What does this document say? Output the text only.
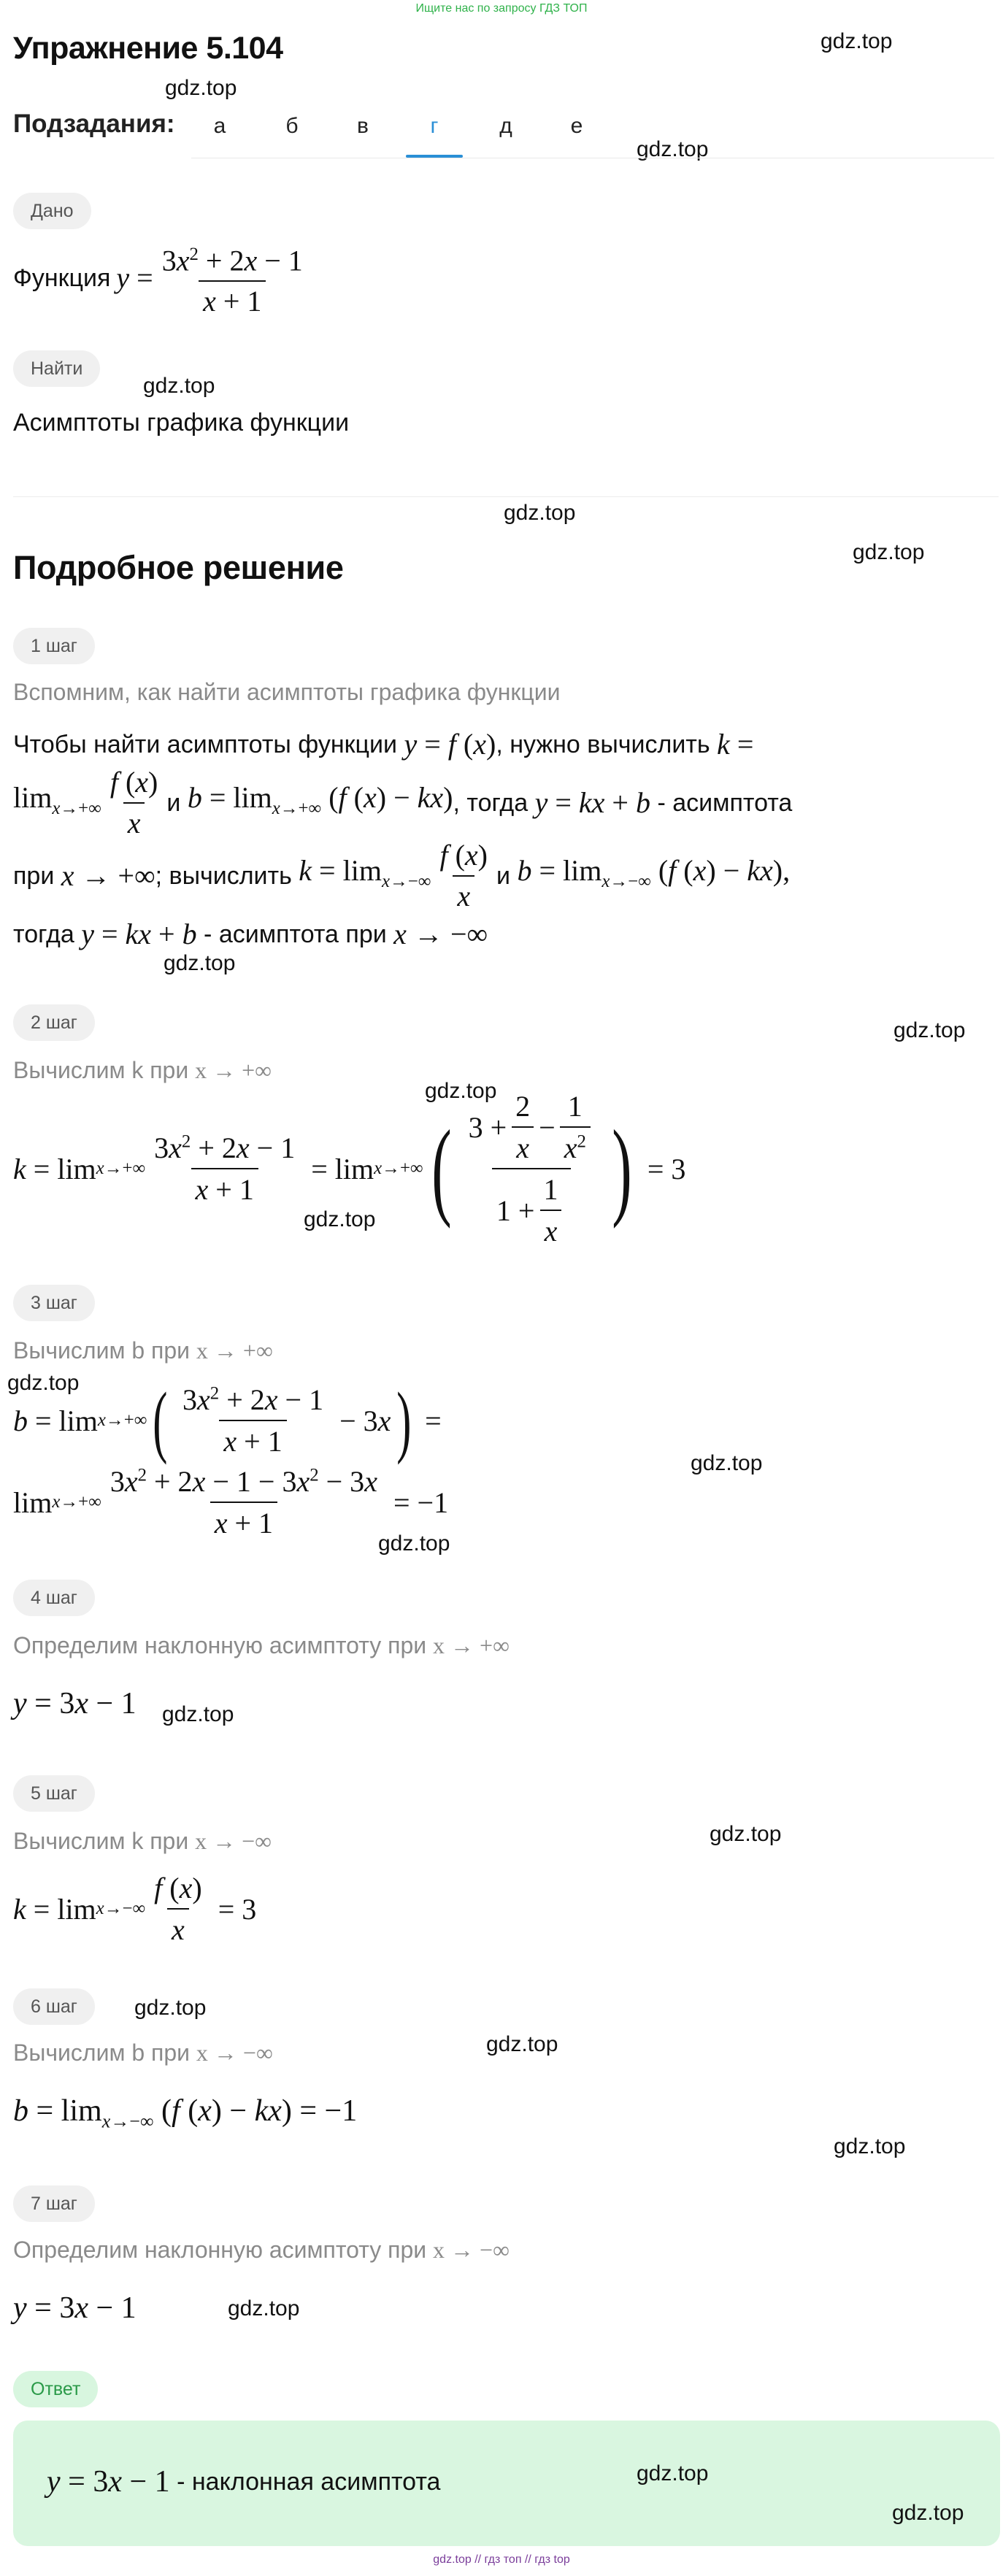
Ищите нас по запросу ГДЗ ТОП
Упражнение 5.104	gdz.top
gdz.top
gdz.top
gdz.top
gdz.top
gdz.top
gdz.top
gdz.top
gdz.top
gdz.top
gdz.top
gdz.top
gdz.top
gdz.top
gdz.top
gdz.top
gdz.top
gdz.top
gdz.top
Подзадания:	а	б	в	г	д	е
Дано
Функция $y = \frac{3x^2 + 2x - 1}{x + 1}$
Найти
Асимптоты графика функции
Подробное решение
1 шаг
Вспомним, как найти асимптоты графика функции
Чтобы найти асимптоты функции
y = f (x) , нужно вычислить
k =
$\lim_{x\to+\infty} \frac{f (x)}{x}$ и
$b = \lim_{x\to+\infty} (f$ (x) − kx) , тогда
y = kx + b
- асимптота
при
x → +∞ ; вычислить
$k = \lim_{x\to-\infty} \frac{f (x)}{x}$ и
$b = \lim_{x\to-\infty} (f$ (x) − kx),
тогда
y = kx + b
- асимптота при
x → −∞
2 шаг
Вычислим k при x → +∞
k = lim x →+∞ $\frac{3x^2 + 2x - 1}{x + 1} = \lim x$ →+∞ ( $\frac{3 + \frac{2}{x} - \frac{1}{x^2}}{1 + \frac{1}{x}}$ ) = 3
3 шаг
Вычислим b при x → +∞
b = lim x →+∞ ( $\frac{3x^2 + 2x - 1}{x + 1} - 3$ x ) =
lim x →+∞ $\frac{3x^2 + 2x - 1 - 3x^2 - 3x}{x + 1} = -1$
4 шаг
Определим наклонную асимптоту при x → +∞
y = 3x − 1
5 шаг
Вычислим k при x → −∞
k = lim x →−∞ $\frac{f (x)}{x} = 3$
6 шаг
Вычислим b при x → −∞
$b = \lim_{x\to-\infty} (f$ (x) − kx) = −1
7 шаг
Определим наклонную асимптоту при x → −∞
y = 3x − 1
Ответ
y = 3x − 1
- наклонная асимптота	gdz.top
gdz.top
gdz.top // гдз топ // гдз top
